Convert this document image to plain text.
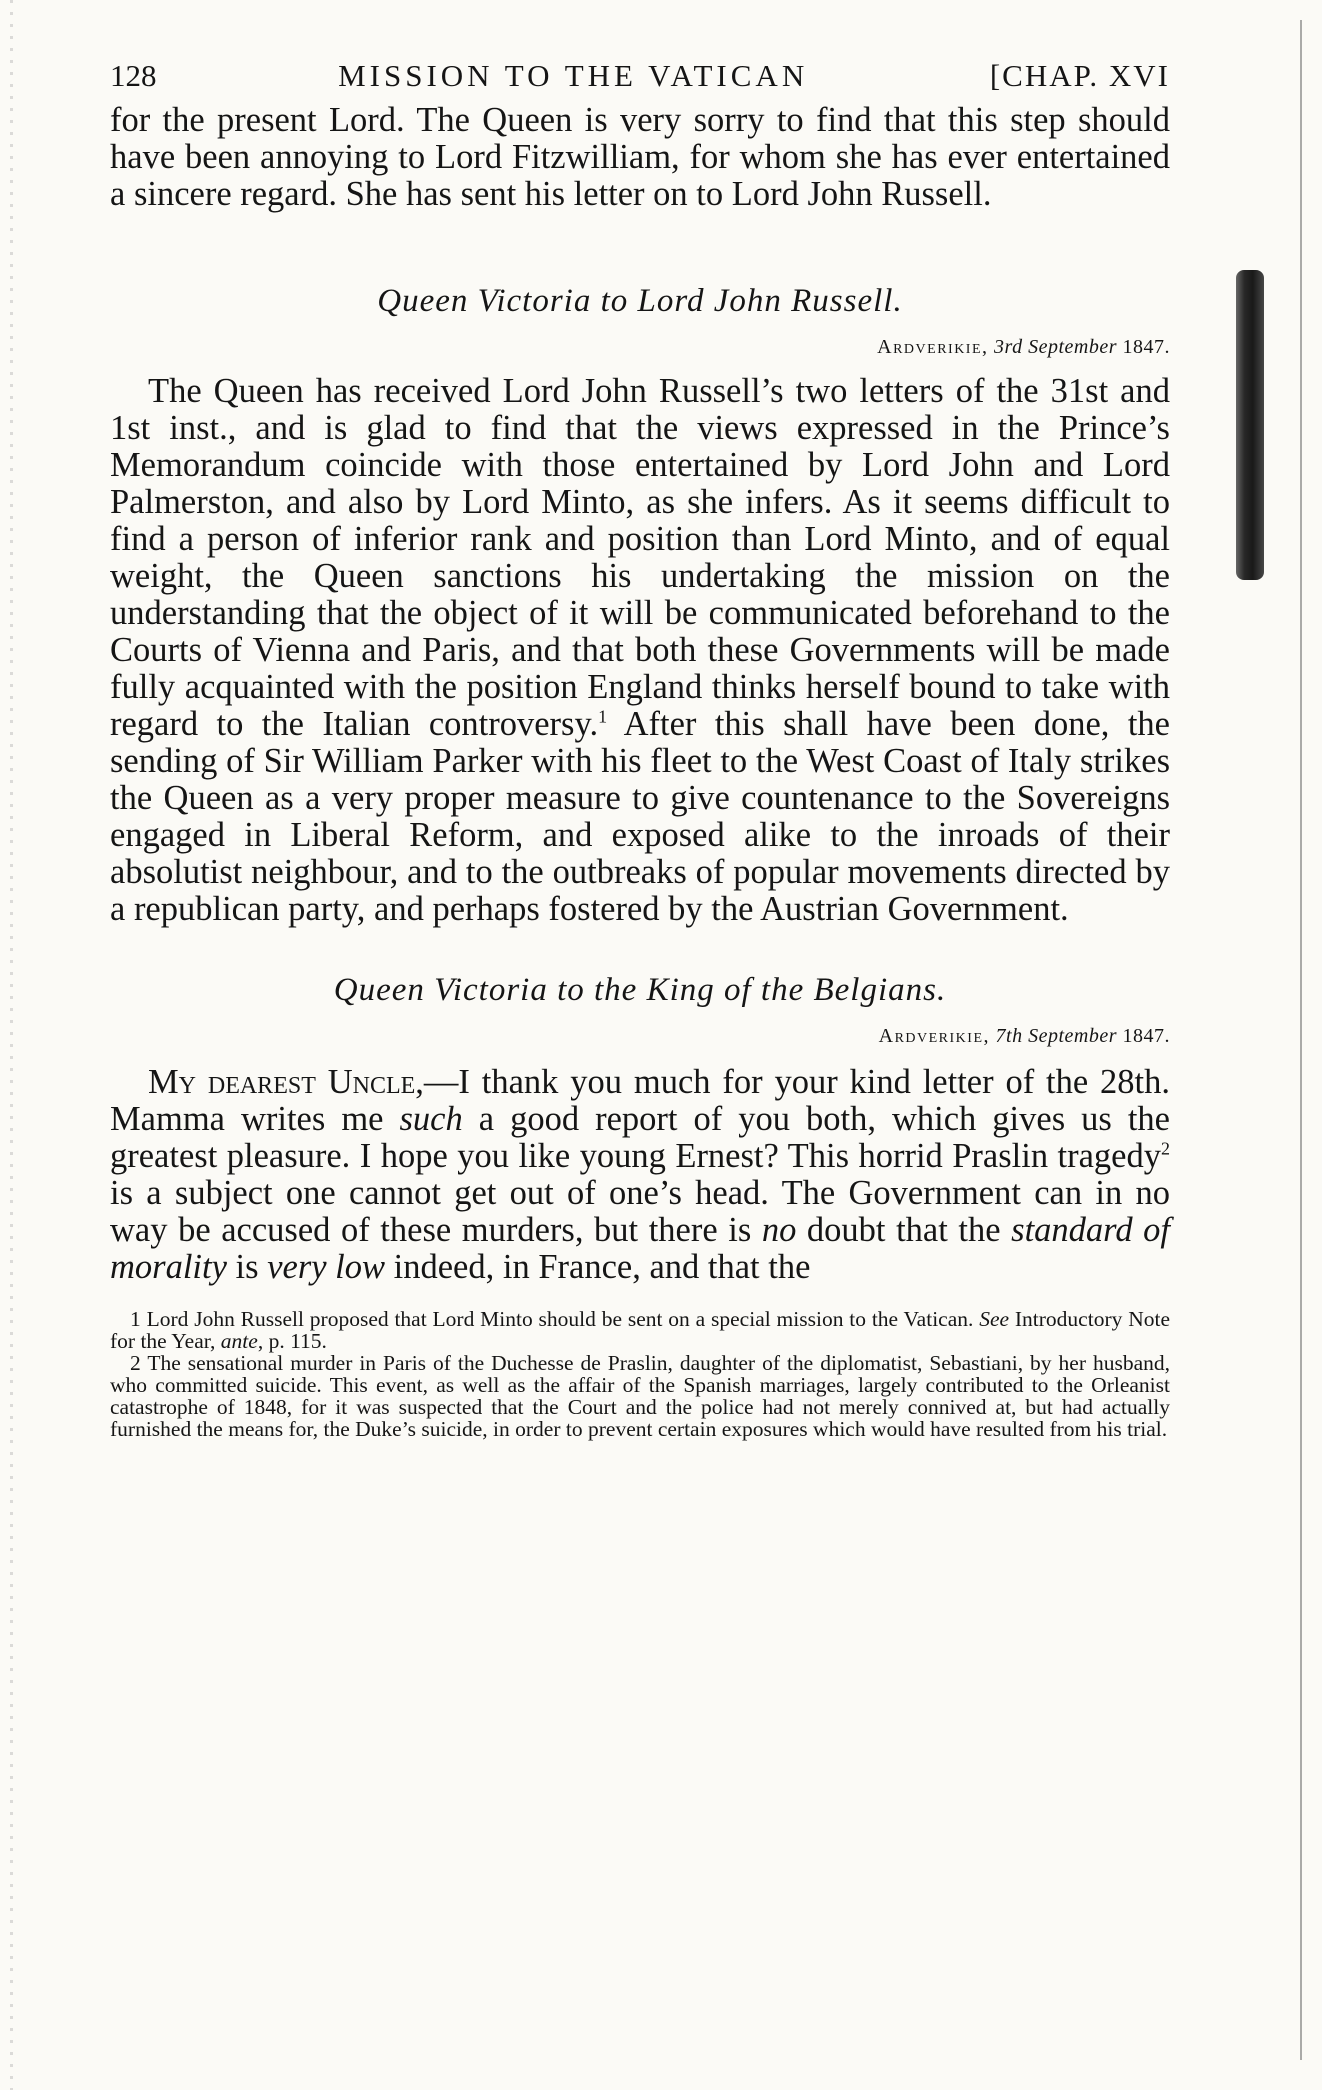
128	MISSION TO THE VATICAN	[CHAP. XVI

for the present Lord. The Queen is very sorry to find that this step should have been annoying to Lord Fitzwilliam, for whom she has ever entertained a sincere regard. She has sent his letter on to Lord John Russell.

Queen Victoria to Lord John Russell.

Ardverikie, 3rd September 1847.

The Queen has received Lord John Russell’s two letters of the 31st and 1st inst., and is glad to find that the views expressed in the Prince’s Memorandum coincide with those entertained by Lord John and Lord Palmerston, and also by Lord Minto, as she infers. As it seems difficult to find a person of inferior rank and position than Lord Minto, and of equal weight, the Queen sanctions his undertaking the mission on the understanding that the object of it will be communicated beforehand to the Courts of Vienna and Paris, and that both these Governments will be made fully acquainted with the position England thinks herself bound to take with regard to the Italian controversy.$^1$ After this shall have been done, the sending of Sir William Parker with his fleet to the West Coast of Italy strikes the Queen as a very proper measure to give countenance to the Sovereigns engaged in Liberal Reform, and exposed alike to the inroads of their absolutist neighbour, and to the outbreaks of popular movements directed by a republican party, and perhaps fostered by the Austrian Government.

Queen Victoria to the King of the Belgians.

Ardverikie, 7th September 1847.

My dearest Uncle,—I thank you much for your kind letter of the 28th. Mamma writes me such a good report of you both, which gives us the greatest pleasure. I hope you like young Ernest? This horrid Praslin tragedy$^2$ is a subject one cannot get out of one’s head. The Government can in no way be accused of these murders, but there is no doubt that the standard of morality is very low indeed, in France, and that the

1 Lord John Russell proposed that Lord Minto should be sent on a special mission to the Vatican. See Introductory Note for the Year, ante, p. 115.

2 The sensational murder in Paris of the Duchesse de Praslin, daughter of the diplomatist, Sebastiani, by her husband, who committed suicide. This event, as well as the affair of the Spanish marriages, largely contributed to the Orleanist catastrophe of 1848, for it was suspected that the Court and the police had not merely connived at, but had actually furnished the means for, the Duke’s suicide, in order to prevent certain exposures which would have resulted from his trial.
